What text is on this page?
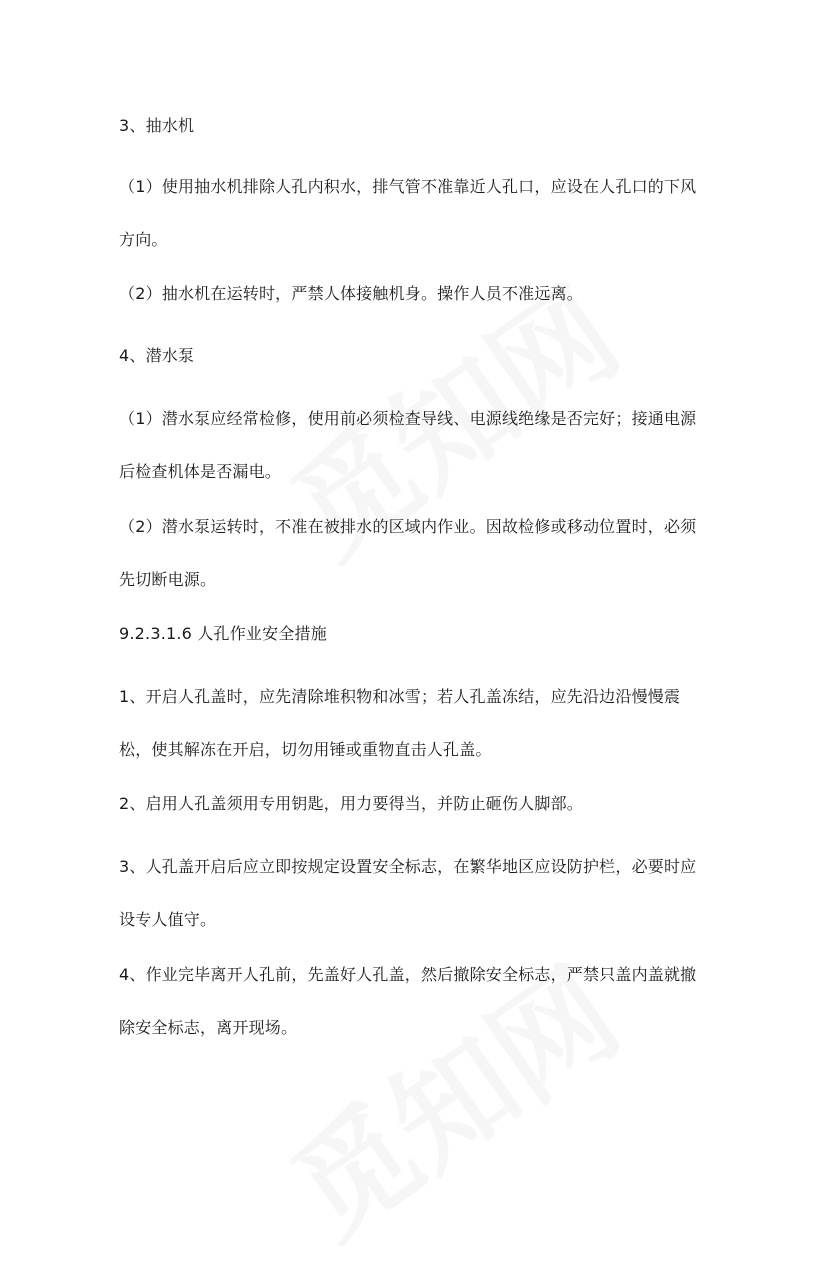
3、抽水机
（1）使用抽水机排除人孔内积水，排气管不准靠近人孔口，应设在人孔口的下风方向。
（2）抽水机在运转时，严禁人体接触机身。操作人员不准远离。
4、潜水泵
（1）潜水泵应经常检修，使用前必须检查导线、电源线绝缘是否完好；接通电源后检查机体是否漏电。
（2）潜水泵运转时，不准在被排水的区域内作业。因故检修或移动位置时，必须先切断电源。
9.2.3.1.6 人孔作业安全措施
1、开启人孔盖时，应先清除堆积物和冰雪；若人孔盖冻结，应先沿边沿慢慢震松，使其解冻在开启，切勿用锤或重物直击人孔盖。
2、启用人孔盖须用专用钥匙，用力要得当，并防止砸伤人脚部。
3、人孔盖开启后应立即按规定设置安全标志，在繁华地区应设防护栏，必要时应设专人值守。
4、作业完毕离开人孔前，先盖好人孔盖，然后撤除安全标志，严禁只盖内盖就撤除安全标志，离开现场。
